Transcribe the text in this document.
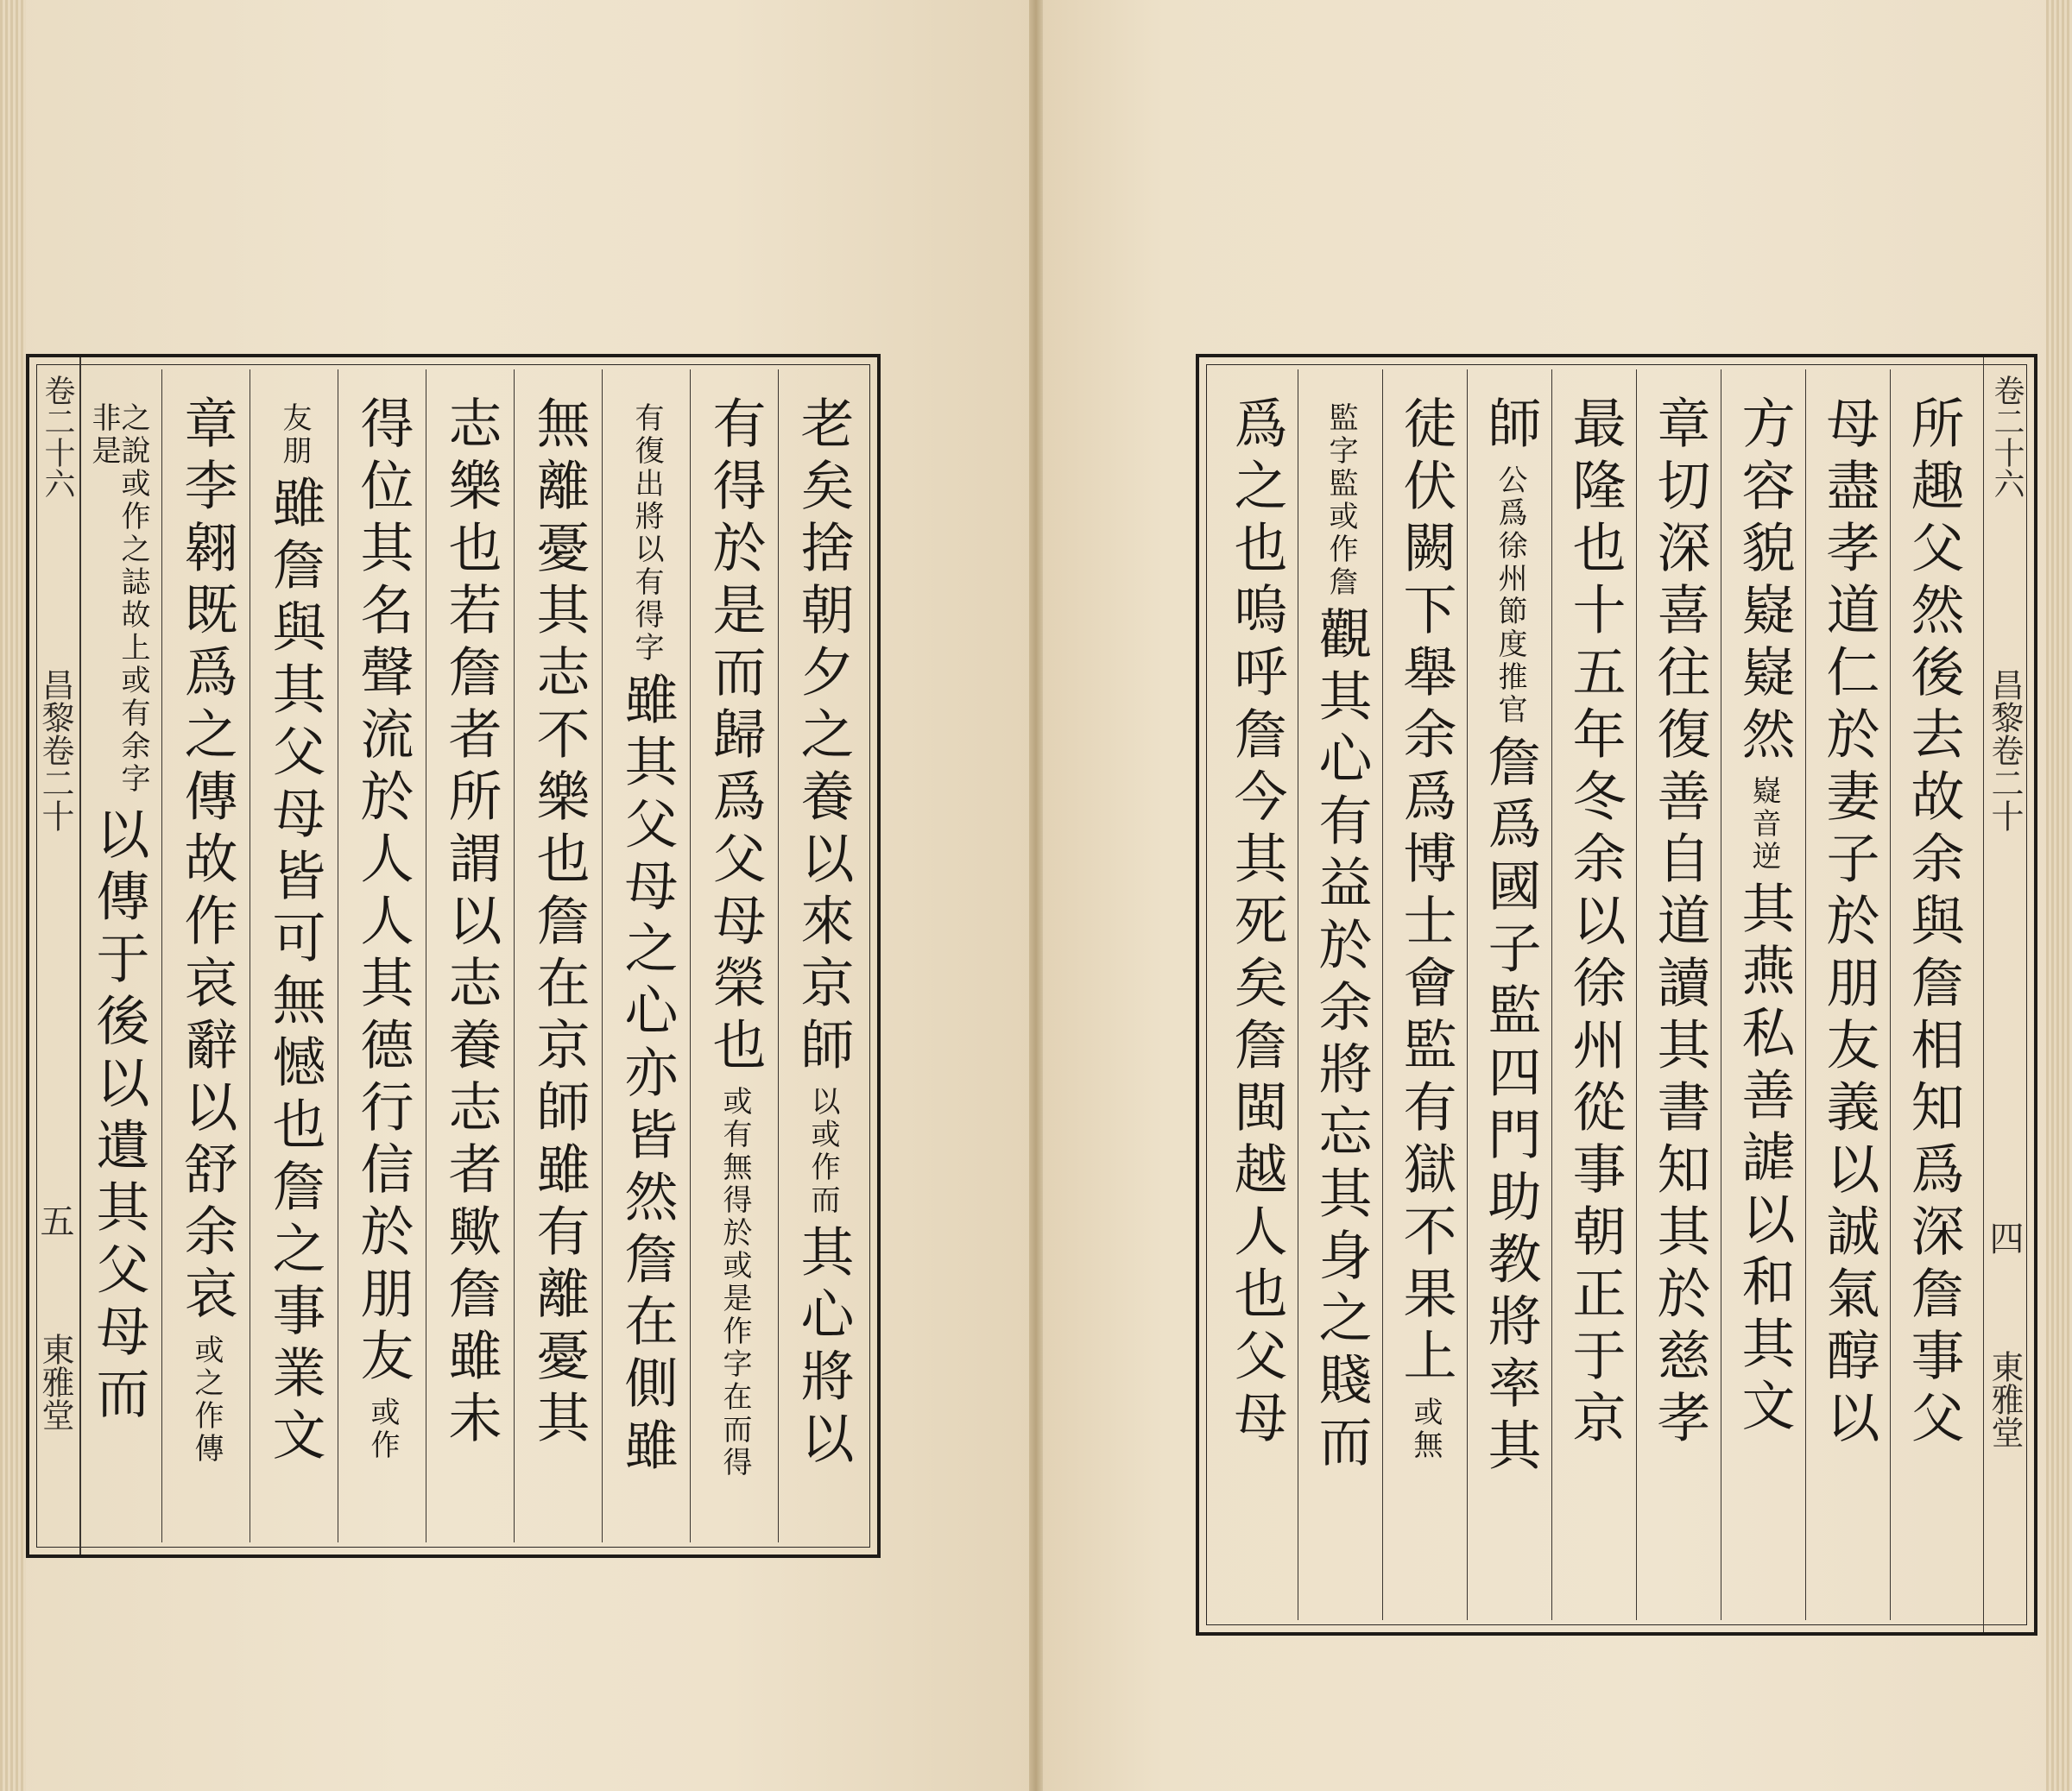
老矣捨朝夕之養以來京師
以或作而
其心將以
有得於是而歸爲父母榮也
或有無得於或是作字在而得
有復出將以有得字
雖其父母之心亦皆然詹在側雖
無離憂其志不樂也詹在京師雖有離憂其
志樂也若詹者所謂以志養志者歟詹雖未
得位其名聲流於人人其德行信於朋友
或作
友朋
雖詹與其父母皆可無憾也詹之事業文
章李翱既爲之傳故作哀辭以舒余哀
或之作傳
之說或作之誌故上或有余字非是
以傳于後以遺其父母而
卷二十六
昌黎卷二十
五
東雅堂	所趣父然後去故余與詹相知爲深詹事父
母盡孝道仁於妻子於朋友義以誠氣醇以
方容貌嶷嶷然
嶷音逆
其燕私善謔以和其文
章切深喜往復善自道讀其書知其於慈孝
最隆也十五年冬余以徐州從事朝正于京
師
公爲徐州節度推官
詹爲國子監四門助教將率其
徒伏闕下舉余爲博士會監有獄不果上
或無
監字監或作詹
觀其心有益於余將忘其身之賤而
爲之也嗚呼詹今其死矣詹閩越人也父母	卷二十六
昌黎卷二十
四
東雅堂
